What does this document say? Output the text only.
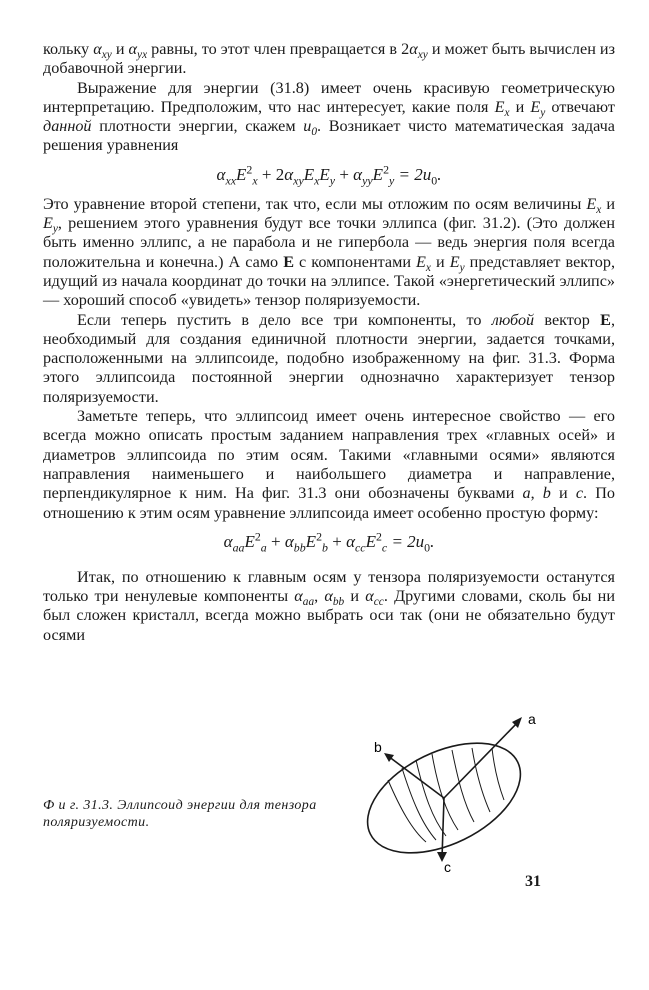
кольку $\alpha_{xy}$ и $\alpha_{yx}$ равны, то этот член превращается в $2\alpha_{xy}$ и может быть вычислен из добавочной энергии.

Выражение для энергии (31.8) имеет очень красивую геометрическую интерпретацию. Предположим, что нас интересует, какие поля $E_x$ и $E_y$ отвечают данной плотности энергии, скажем $u_0$. Возникает чисто математическая задача решения уравнения

$\alpha_{xx}E^2_x + 2\alpha_{xy}E_xE_y + \alpha_{yy}E^2_y = 2u_0$.

Это уравнение второй степени, так что, если мы отложим по осям величины $E_x$ и $E_y$, решением этого уравнения будут все точки эллипса (фиг. 31.2). (Это должен быть именно эллипс, а не парабола и не гипербола — ведь энергия поля всегда положительна и конечна.) А само E с компонентами $E_x$ и $E_y$ представляет вектор, идущий из начала координат до точки на эллипсе. Такой «энергетический эллипс» — хороший способ «увидеть» тензор поляризуемости.

Если теперь пустить в дело все три компоненты, то любой вектор E, необходимый для создания единичной плотности энергии, задается точками, расположенными на эллипсоиде, подобно изображенному на фиг. 31.3. Форма этого эллипсоида постоянной энергии однозначно характеризует тензор поляризуемости.

Заметьте теперь, что эллипсоид имеет очень интересное свойство — его всегда можно описать простым заданием направления трех «главных осей» и диаметров эллипсоида по этим осям. Такими «главными осями» являются направления наименьшего и наибольшего диаметра и направление, перпендикулярное к ним. На фиг. 31.3 они обозначены буквами a, b и c. По отношению к этим осям уравнение эллипсоида имеет особенно простую форму:

$\alpha_{aa}E^2_a + \alpha_{bb}E^2_b + \alpha_{cc}E^2_c = 2u_0$.

Итак, по отношению к главным осям у тензора поляризуемости останутся только три ненулевые компоненты $\alpha_{aa}$, $\alpha_{bb}$ и $\alpha_{cc}$. Другими словами, сколь бы ни был сложен кристалл, всегда можно выбрать оси так (они не обязательно будут осями

a
b
c
Ф и г. 31.3. Эллипсоид энергии для тензора поляризуемости.
31
